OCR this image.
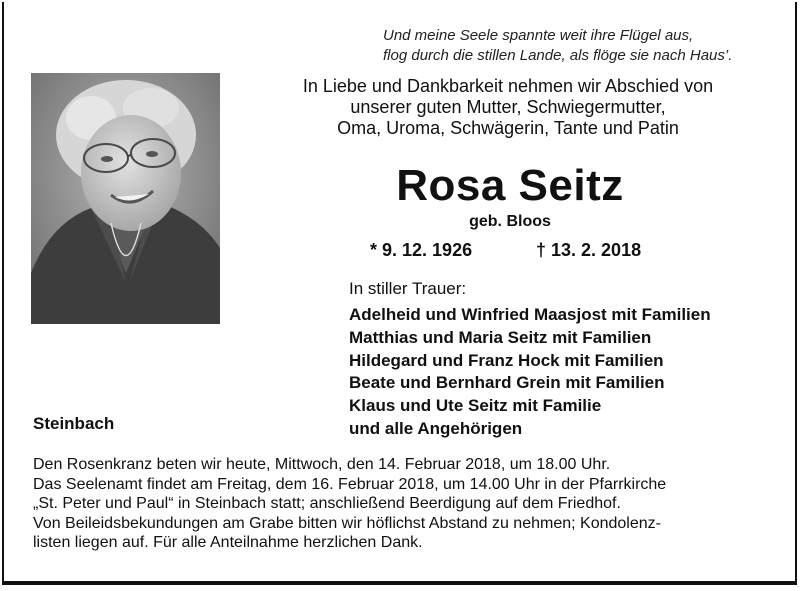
Und meine Seele spannte weit ihre Flügel aus,
flog durch die stillen Lande, als flöge sie nach Haus’.
In Liebe und Dankbarkeit nehmen wir Abschied von
unserer guten Mutter, Schwiegermutter,
Oma, Uroma, Schwägerin, Tante und Patin
Rosa Seitz
geb. Bloos
* 9. 12. 1926	† 13. 2. 2018
In stiller Trauer:
Adelheid und Winfried Maasjost mit Familien
Matthias und Maria Seitz mit Familien
Hildegard und Franz Hock mit Familien
Beate und Bernhard Grein mit Familien
Klaus und Ute Seitz mit Familie
und alle Angehörigen
Steinbach
Den Rosenkranz beten wir heute, Mittwoch, den 14. Februar 2018, um 18.00 Uhr.
Das Seelenamt findet am Freitag, dem 16. Februar 2018, um 14.00 Uhr in der Pfarrkirche
„St. Peter und Paul“ in Steinbach statt; anschließend Beerdigung auf dem Friedhof.
Von Beileidsbekundungen am Grabe bitten wir höflichst Abstand zu nehmen; Kondolenz-
listen liegen auf. Für alle Anteilnahme herzlichen Dank.
